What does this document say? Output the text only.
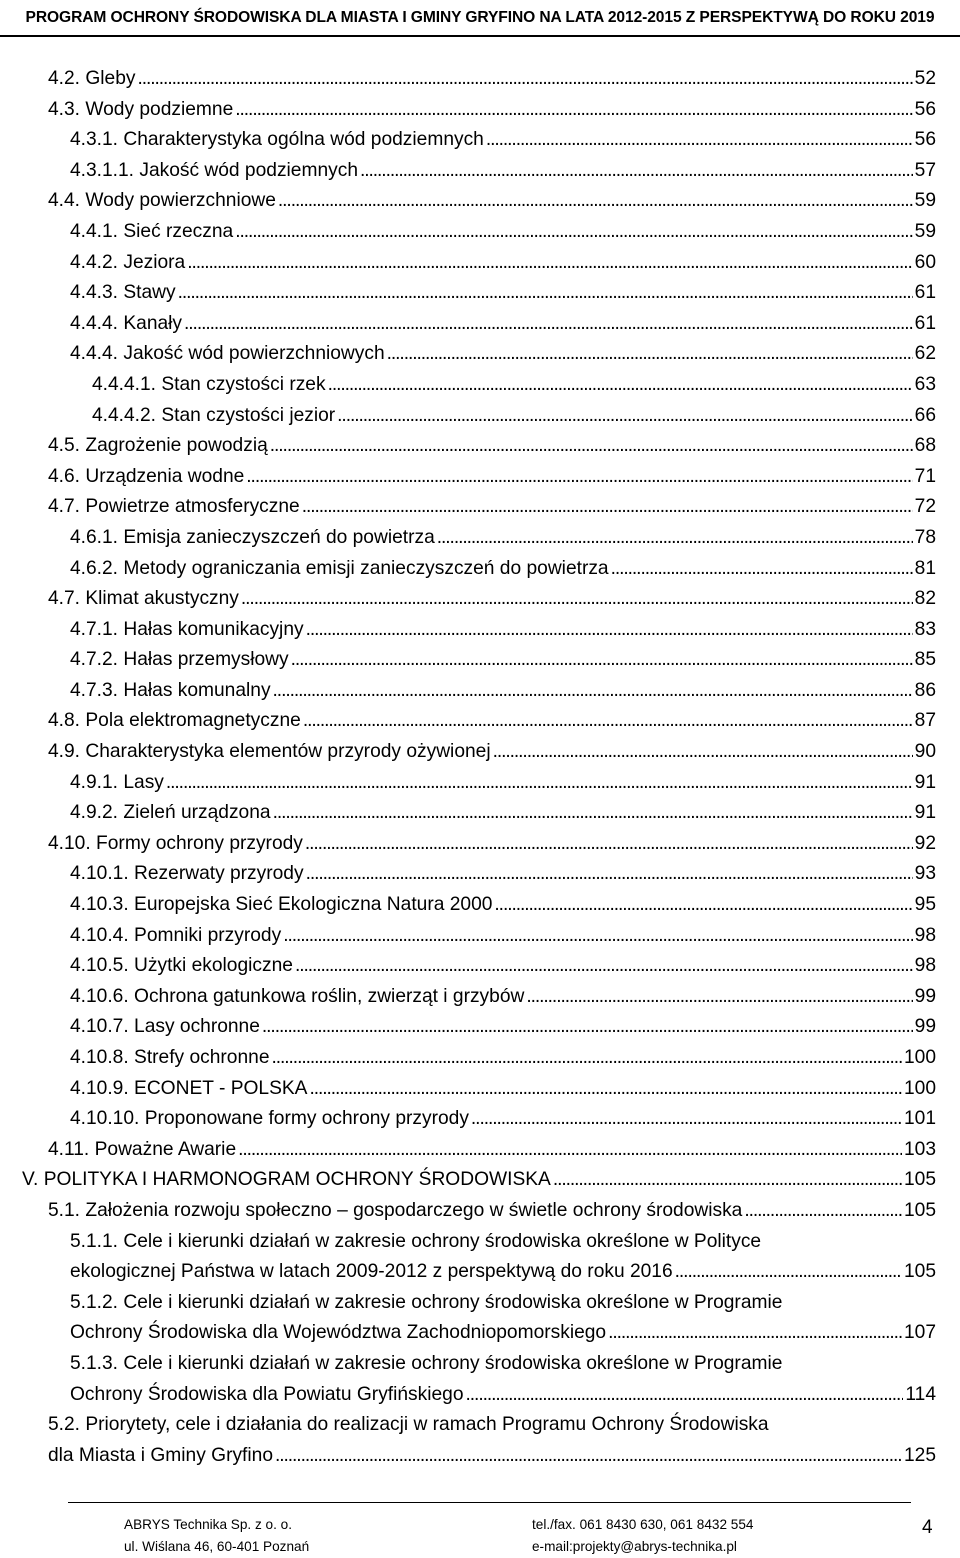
PROGRAM OCHRONY ŚRODOWISKA DLA MIASTA I GMINY GRYFINO NA LATA 2012-2015 Z PERSPEKTYWĄ DO ROKU 2019
4.2. Gleby . . .	52
4.3. Wody podziemne . . .	56
4.3.1. Charakterystyka ogólna wód podziemnych . . .	56
4.3.1.1. Jakość wód podziemnych . . .	57
4.4. Wody powierzchniowe . . .	59
4.4.1. Sieć rzeczna . . .	59
4.4.2. Jeziora . . .	60
4.4.3. Stawy . . .	61
4.4.4. Kanały . . .	61
4.4.4. Jakość wód powierzchniowych . . .	62
4.4.4.1. Stan czystości rzek . . .	63
4.4.4.2. Stan czystości jezior . . .	66
4.5. Zagrożenie powodzią . . .	68
4.6. Urządzenia wodne . . .	71
4.7. Powietrze atmosferyczne . . .	72
4.6.1. Emisja zanieczyszczeń do powietrza . . .	78
4.6.2. Metody ograniczania emisji zanieczyszczeń do powietrza . . .	81
4.7. Klimat akustyczny . . .	82
4.7.1. Hałas komunikacyjny . . .	83
4.7.2. Hałas przemysłowy . . .	85
4.7.3. Hałas komunalny . . .	86
4.8. Pola elektromagnetyczne . . .	87
4.9. Charakterystyka elementów przyrody ożywionej . . .	90
4.9.1. Lasy . . .	91
4.9.2. Zieleń urządzona . . .	91
4.10. Formy ochrony przyrody . . .	92
4.10.1. Rezerwaty przyrody . . .	93
4.10.3. Europejska Sieć Ekologiczna Natura 2000 . . .	95
4.10.4. Pomniki przyrody . . .	98
4.10.5. Użytki ekologiczne . . .	98
4.10.6. Ochrona gatunkowa roślin, zwierząt i grzybów . . .	99
4.10.7. Lasy ochronne . . .	99
4.10.8. Strefy ochronne . . .	100
4.10.9. ECONET - POLSKA . . .	100
4.10.10. Proponowane formy ochrony przyrody . . .	101
4.11. Poważne Awarie . . .	103
V. POLITYKA I HARMONOGRAM OCHRONY ŚRODOWISKA . . .	105
5.1. Założenia rozwoju społeczno – gospodarczego w świetle ochrony środowiska . . .	105
5.1.1. Cele i kierunki działań w zakresie ochrony środowiska określone w Polityce
ekologicznej Państwa w latach 2009-2012 z perspektywą do roku 2016 . . .	105
5.1.2. Cele i kierunki działań w zakresie ochrony środowiska określone w Programie
Ochrony Środowiska dla Województwa Zachodniopomorskiego . . .	107
5.1.3. Cele i kierunki działań w zakresie ochrony środowiska określone w Programie
Ochrony Środowiska dla Powiatu Gryfińskiego . . .	114
5.2. Priorytety, cele i działania do realizacji w ramach Programu Ochrony Środowiska
dla Miasta i Gminy Gryfino . . .	125
ABRYS Technika Sp. z o. o.
ul. Wiślana 46, 60-401 Poznań
tel./fax. 061 8430 630, 061 8432 554
e-mail:projekty@abrys-technika.pl
4
